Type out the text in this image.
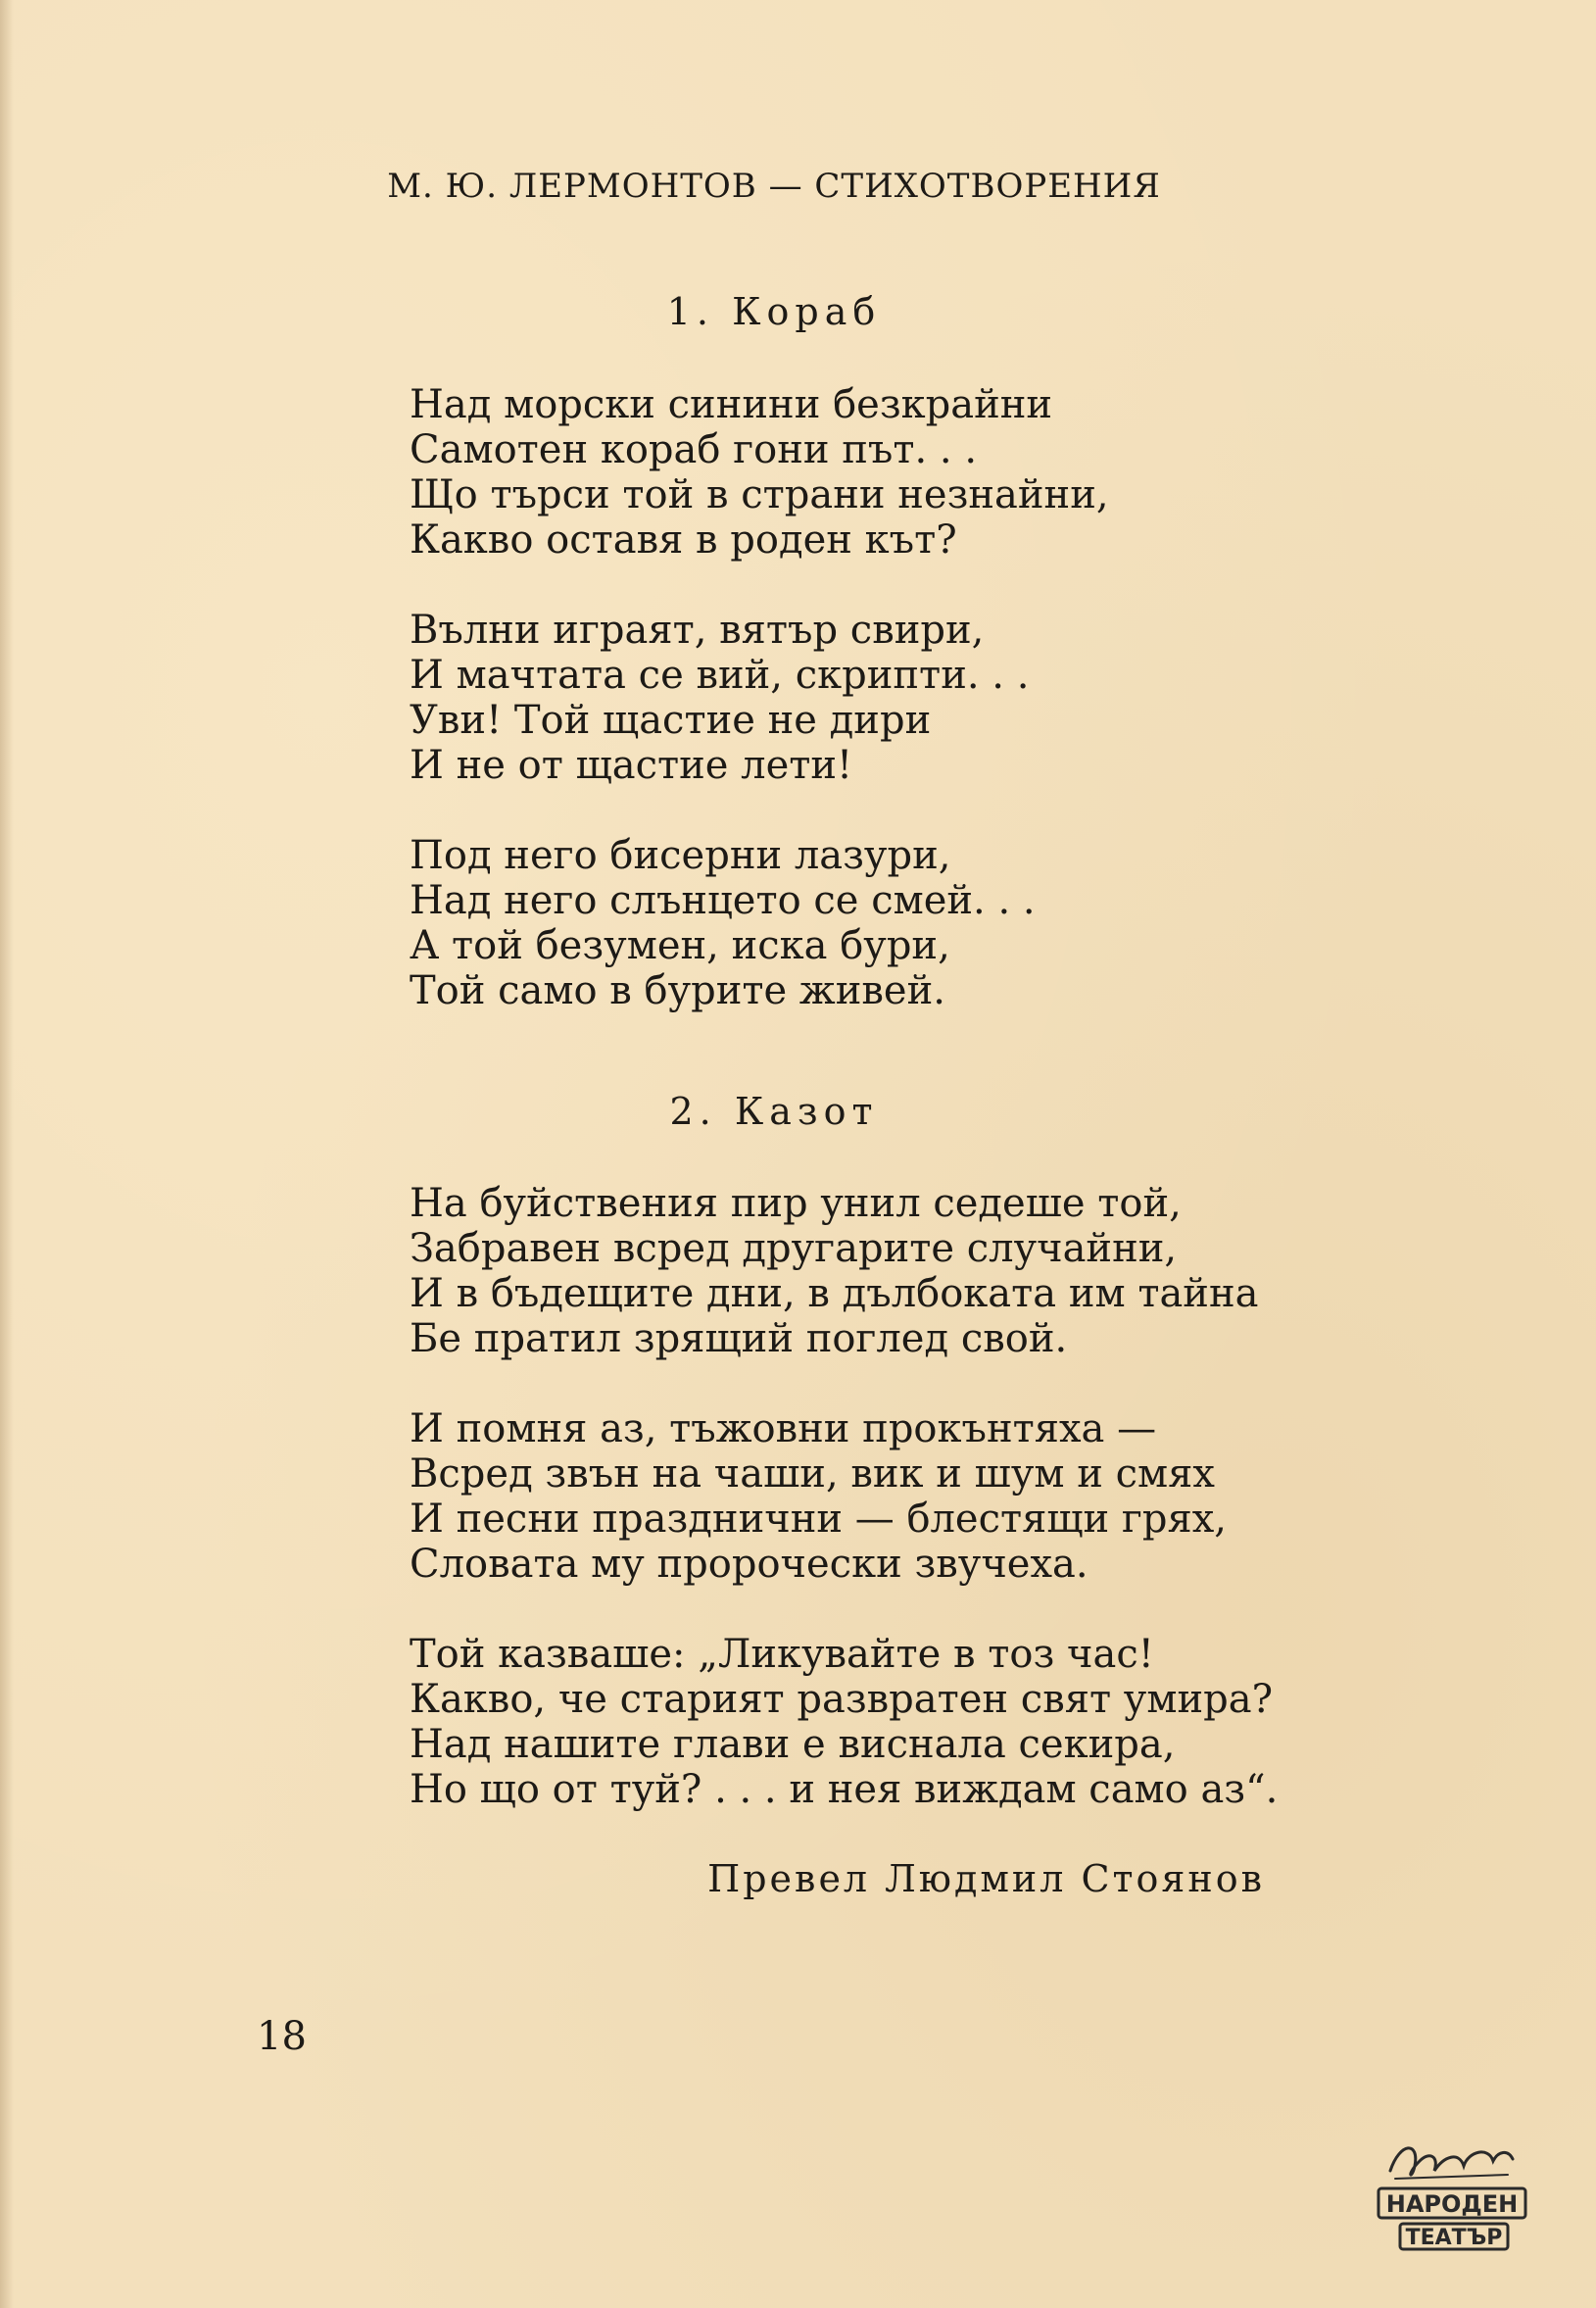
М. Ю. ЛЕРМОНТОВ — СТИХОТВОРЕНИЯ
1. Кораб
Над морски синини безкрайни
Самотен кораб гони път. . .
Що търси той в страни незнайни,
Какво оставя в роден кът?
Вълни играят, вятър свири,
И мачтата се вий, скрипти. . .
Уви! Той щастие не дири
И не от щастие лети!
Под него бисерни лазури,
Над него слънцето се смей. . .
А той безумен, иска бури,
Той само в бурите живей.
2. Казот
На буйствения пир унил седеше той,
Забравен всред другарите случайни,
И в бъдещите дни, в дълбоката им тайна
Бе пратил зрящий поглед свой.
И помня аз, тъжовни прокънтяха —
Всред звън на чаши, вик и шум и смях
И песни празднични — блестящи грях,
Словата му пророчески звучеха.
Той казваше: „Ликувайте в тоз час!
Какво, че старият развратен свят умира?
Над нашите глави е виснала секира,
Но що от туй? . . . и нея виждам само аз“.
Превел Людмил Стоянов
18
НАРОДЕН
ТЕАТЪР
